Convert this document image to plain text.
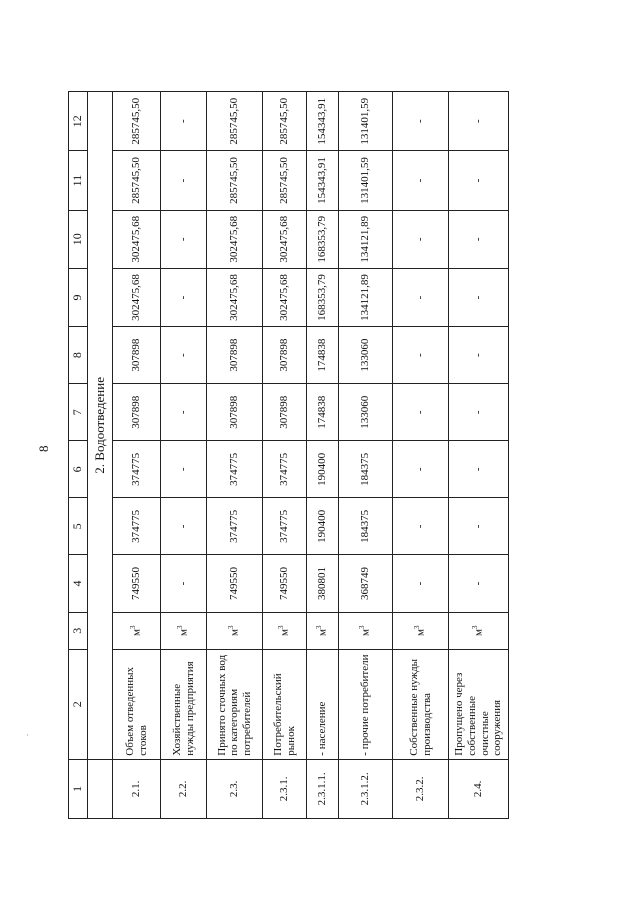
8
·
1	2	3	4	5	6	7	8	9	10	11	12
	2. Водоотведение										
2.1.	Объем отведенных стоков	$м^3$	749550	374775	374775	307898	307898	302475,68	302475,68	285745,50	285745,50
2.2.	Хозяйственные нужды предприятия	$м^3$	-	-	-	-	-	-	-	-	-
2.3.	Принято сточных вод по категориям потребителей	$м^3$	749550	374775	374775	307898	307898	302475,68	302475,68	285745,50	285745,50
2.3.1.	Потребительский рынок	$м^3$	749550	374775	374775	307898	307898	302475,68	302475,68	285745,50	285745,50
2.3.1.1.	- население	$м^3$	380801	190400	190400	174838	174838	168353,79	168353,79	154343,91	154343,91
2.3.1.2.	- прочие потребители	$м^3$	368749	184375	184375	133060	133060	134121,89	134121,89	131401,59	131401,59
2.3.2.	Собственные нужды производства	$м^3$	-	-	-	-	-	-	-	-	-
2.4.	Пропущено через собственные очистные сооружения	$м^3$	-	-	-	-	-	-	-	-	-
